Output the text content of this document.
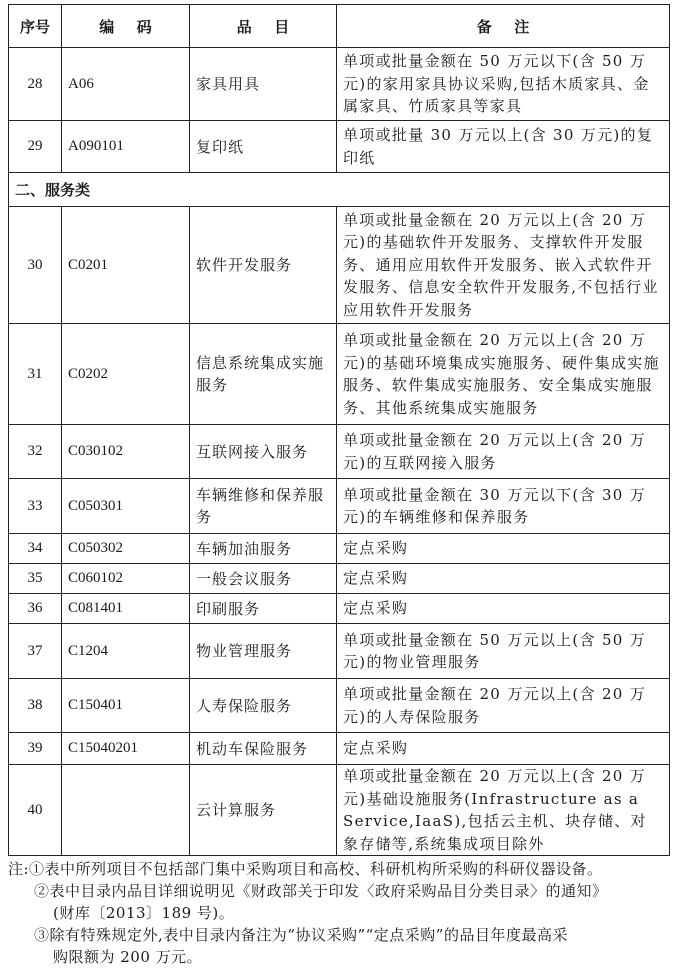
序号	编码	品目	备注
28	A06	家具用具	单项或批量金额在 50 万元以下(含 50 万元)的家用家具协议采购,包括木质家具、金属家具、竹质家具等家具
29	A090101	复印纸	单项或批量 30 万元以上(含 30 万元)的复印纸
二、服务类			
30	C0201	软件开发服务	单项或批量金额在 20 万元以上(含 20 万元)的基础软件开发服务、支撑软件开发服务、通用应用软件开发服务、嵌入式软件开发服务、信息安全软件开发服务,不包括行业应用软件开发服务
31	C0202	信息系统集成实施服务	单项或批量金额在 20 万元以上(含 20 万元)的基础环境集成实施服务、硬件集成实施服务、软件集成实施服务、安全集成实施服务、其他系统集成实施服务
32	C030102	互联网接入服务	单项或批量金额在 20 万元以上(含 20 万元)的互联网接入服务
33	C050301	车辆维修和保养服务	单项或批量金额在 30 万元以下(含 30 万元)的车辆维修和保养服务
34	C050302	车辆加油服务	定点采购
35	C060102	一般会议服务	定点采购
36	C081401	印刷服务	定点采购
37	C1204	物业管理服务	单项或批量金额在 50 万元以上(含 50 万元)的物业管理服务
38	C150401	人寿保险服务	单项或批量金额在 20 万元以上(含 20 万元)的人寿保险服务
39	C15040201	机动车保险服务	定点采购
40		云计算服务	单项或批量金额在 20 万元以上(含 20 万元)基础设施服务(Infrastructure as a Service,IaaS),包括云主机、块存储、对象存储等,系统集成项目除外
注:①表中所列项目不包括部门集中采购项目和高校、科研机构所采购的科研仪器设备。
②表中目录内品目详细说明见《财政部关于印发〈政府采购品目分类目录〉的通知》
(财库〔2013〕189 号)。
③除有特殊规定外,表中目录内备注为“协议采购”“定点采购”的品目年度最高采
购限额为 200 万元。
